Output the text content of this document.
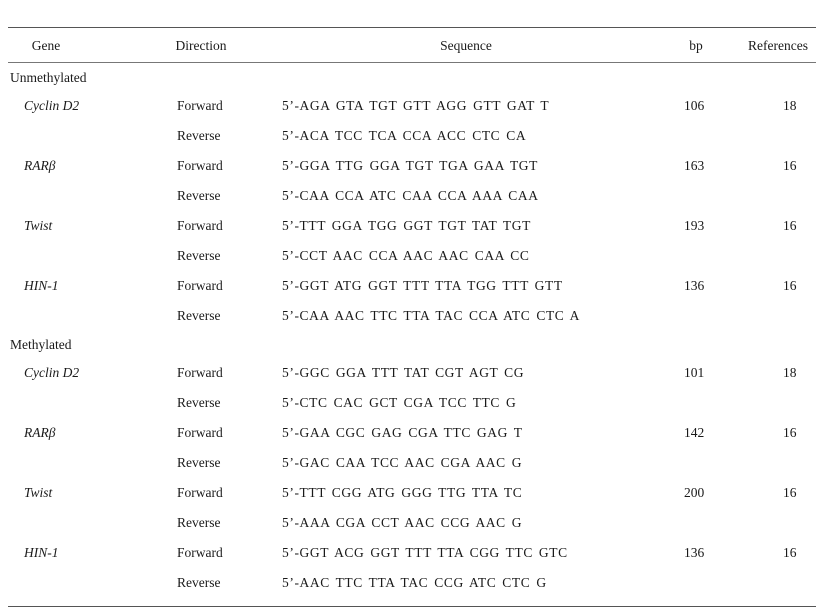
Gene	Direction	Sequence	bp	References
Unmethylated
Cyclin D2	Forward	5’-AGA GTA TGT GTT AGG GTT GAT T	106	18
Reverse	5’-ACA TCC TCA CCA ACC CTC CA
RARβ	Forward	5’-GGA TTG GGA TGT TGA GAA TGT	163	16
Reverse	5’-CAA CCA ATC CAA CCA AAA CAA
Twist	Forward	5’-TTT GGA TGG GGT TGT TAT TGT	193	16
Reverse	5’-CCT AAC CCA AAC AAC CAA CC
HIN-1	Forward	5’-GGT ATG GGT TTT TTA TGG TTT GTT	136	16
Reverse	5’-CAA AAC TTC TTA TAC CCA ATC CTC A
Methylated
Cyclin D2	Forward	5’-GGC GGA TTT TAT CGT AGT CG	101	18
Reverse	5’-CTC CAC GCT CGA TCC TTC G
RARβ	Forward	5’-GAA CGC GAG CGA TTC GAG T	142	16
Reverse	5’-GAC CAA TCC AAC CGA AAC G
Twist	Forward	5’-TTT CGG ATG GGG TTG TTA TC	200	16
Reverse	5’-AAA CGA CCT AAC CCG AAC G
HIN-1	Forward	5’-GGT ACG GGT TTT TTA CGG TTC GTC	136	16
Reverse	5’-AAC TTC TTA TAC CCG ATC CTC G
